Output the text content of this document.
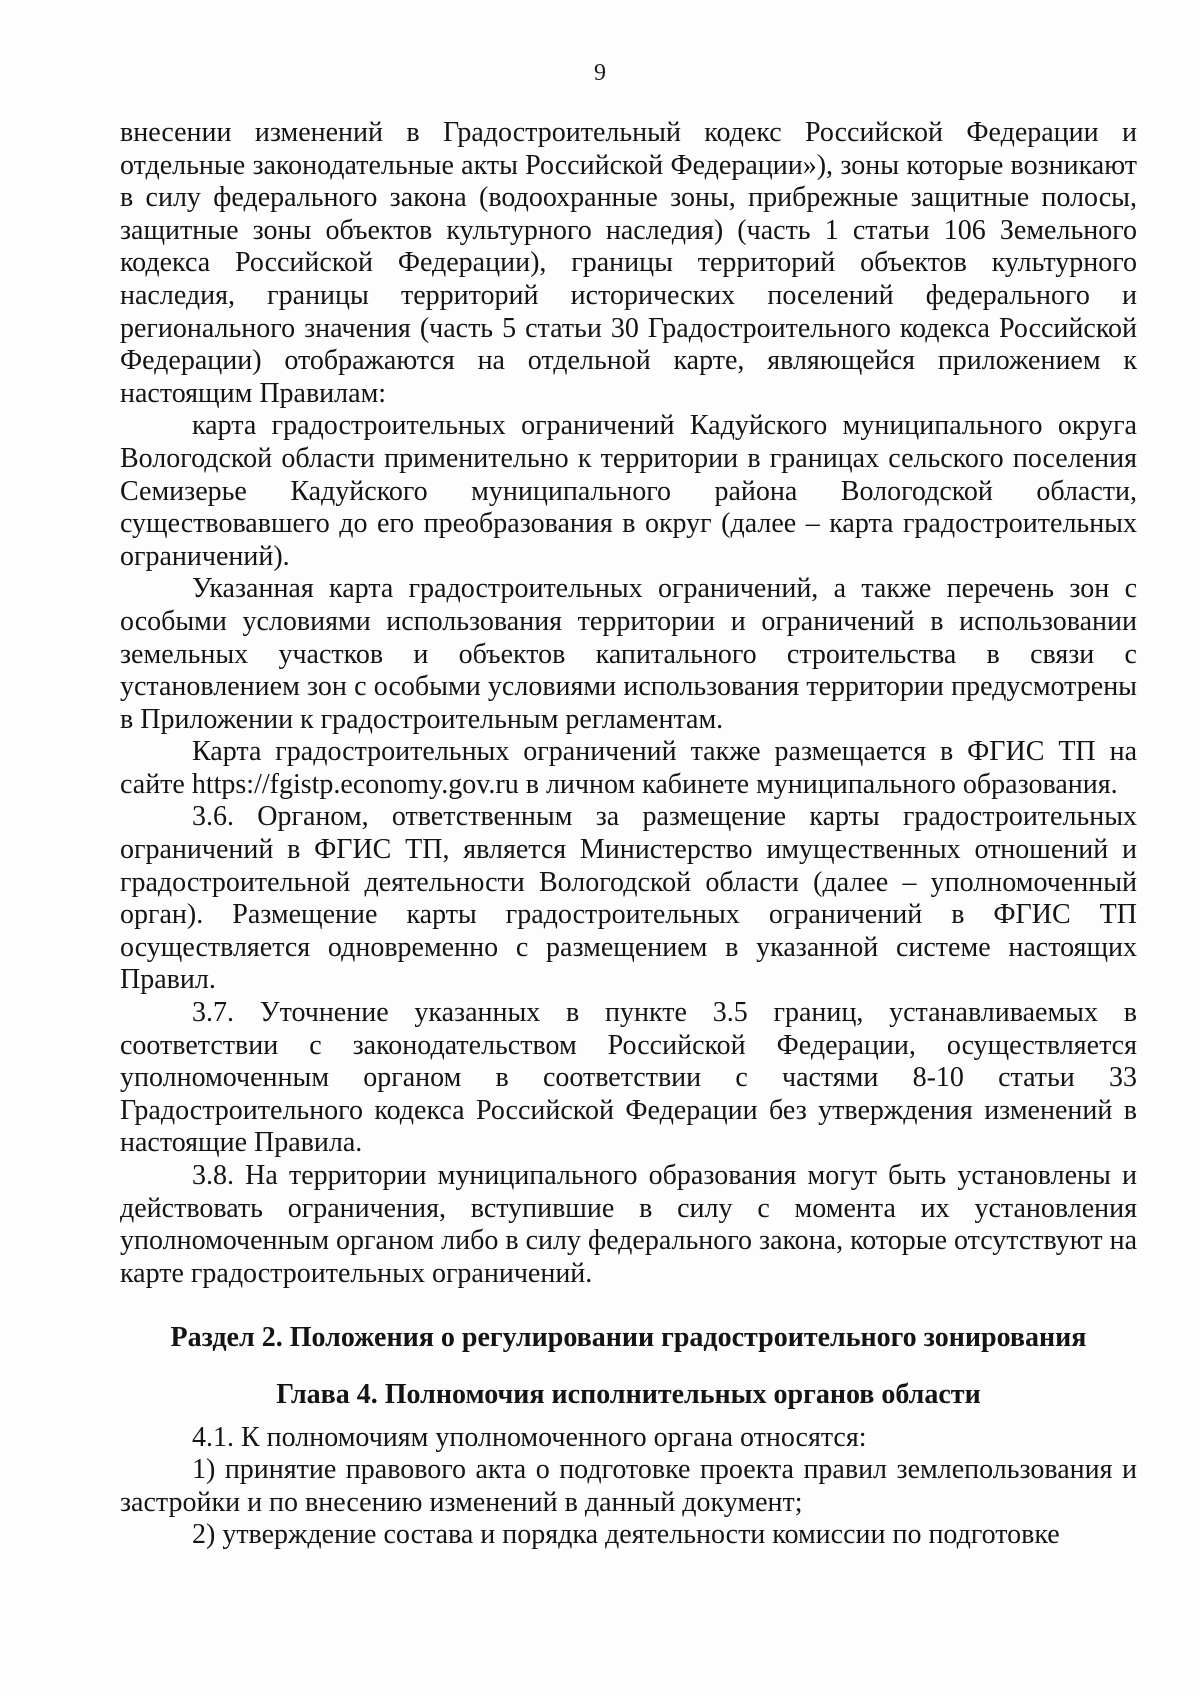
9

внесении изменений в Градостроительный кодекс Российской Федерации и отдельные законодательные акты Российской Федерации»), зоны которые возникают в силу федерального закона (водоохранные зоны, прибрежные защитные полосы, защитные зоны объектов культурного наследия) (часть 1 статьи 106 Земельного кодекса Российской Федерации), границы территорий объектов культурного наследия, границы территорий исторических поселений федерального и регионального значения (часть 5 статьи 30 Градостроительного кодекса Российской Федерации) отображаются на отдельной карте, являющейся приложением к настоящим Правилам:

карта градостроительных ограничений Кадуйского муниципального округа Вологодской области применительно к территории в границах сельского поселения Семизерье Кадуйского муниципального района Вологодской области, существовавшего до его преобразования в округ (далее – карта градостроительных ограничений).

Указанная карта градостроительных ограничений, а также перечень зон с особыми условиями использования территории и ограничений в использовании земельных участков и объектов капитального строительства в связи с установлением зон с особыми условиями использования территории предусмотрены в Приложении к градостроительным регламентам.

Карта градостроительных ограничений также размещается в ФГИС ТП на сайте https://fgistp.economy.gov.ru в личном кабинете муниципального образования.

3.6. Органом, ответственным за размещение карты градостроительных ограничений в ФГИС ТП, является Министерство имущественных отношений и градостроительной деятельности Вологодской области (далее – уполномоченный орган). Размещение карты градостроительных ограничений в ФГИС ТП осуществляется одновременно с размещением в указанной системе настоящих Правил.

3.7. Уточнение указанных в пункте 3.5 границ, устанавливаемых в соответствии с законодательством Российской Федерации, осуществляется уполномоченным органом в соответствии с частями 8-10 статьи 33 Градостроительного кодекса Российской Федерации без утверждения изменений в настоящие Правила.

3.8. На территории муниципального образования могут быть установлены и действовать ограничения, вступившие в силу с момента их установления уполномоченным органом либо в силу федерального закона, которые отсутствуют на карте градостроительных ограничений.

Раздел 2. Положения о регулировании градостроительного зонирования

Глава 4. Полномочия исполнительных органов области

4.1. К полномочиям уполномоченного органа относятся:

1) принятие правового акта о подготовке проекта правил землепользования и застройки и по внесению изменений в данный документ;

2) утверждение состава и порядка деятельности комиссии по подготовке
